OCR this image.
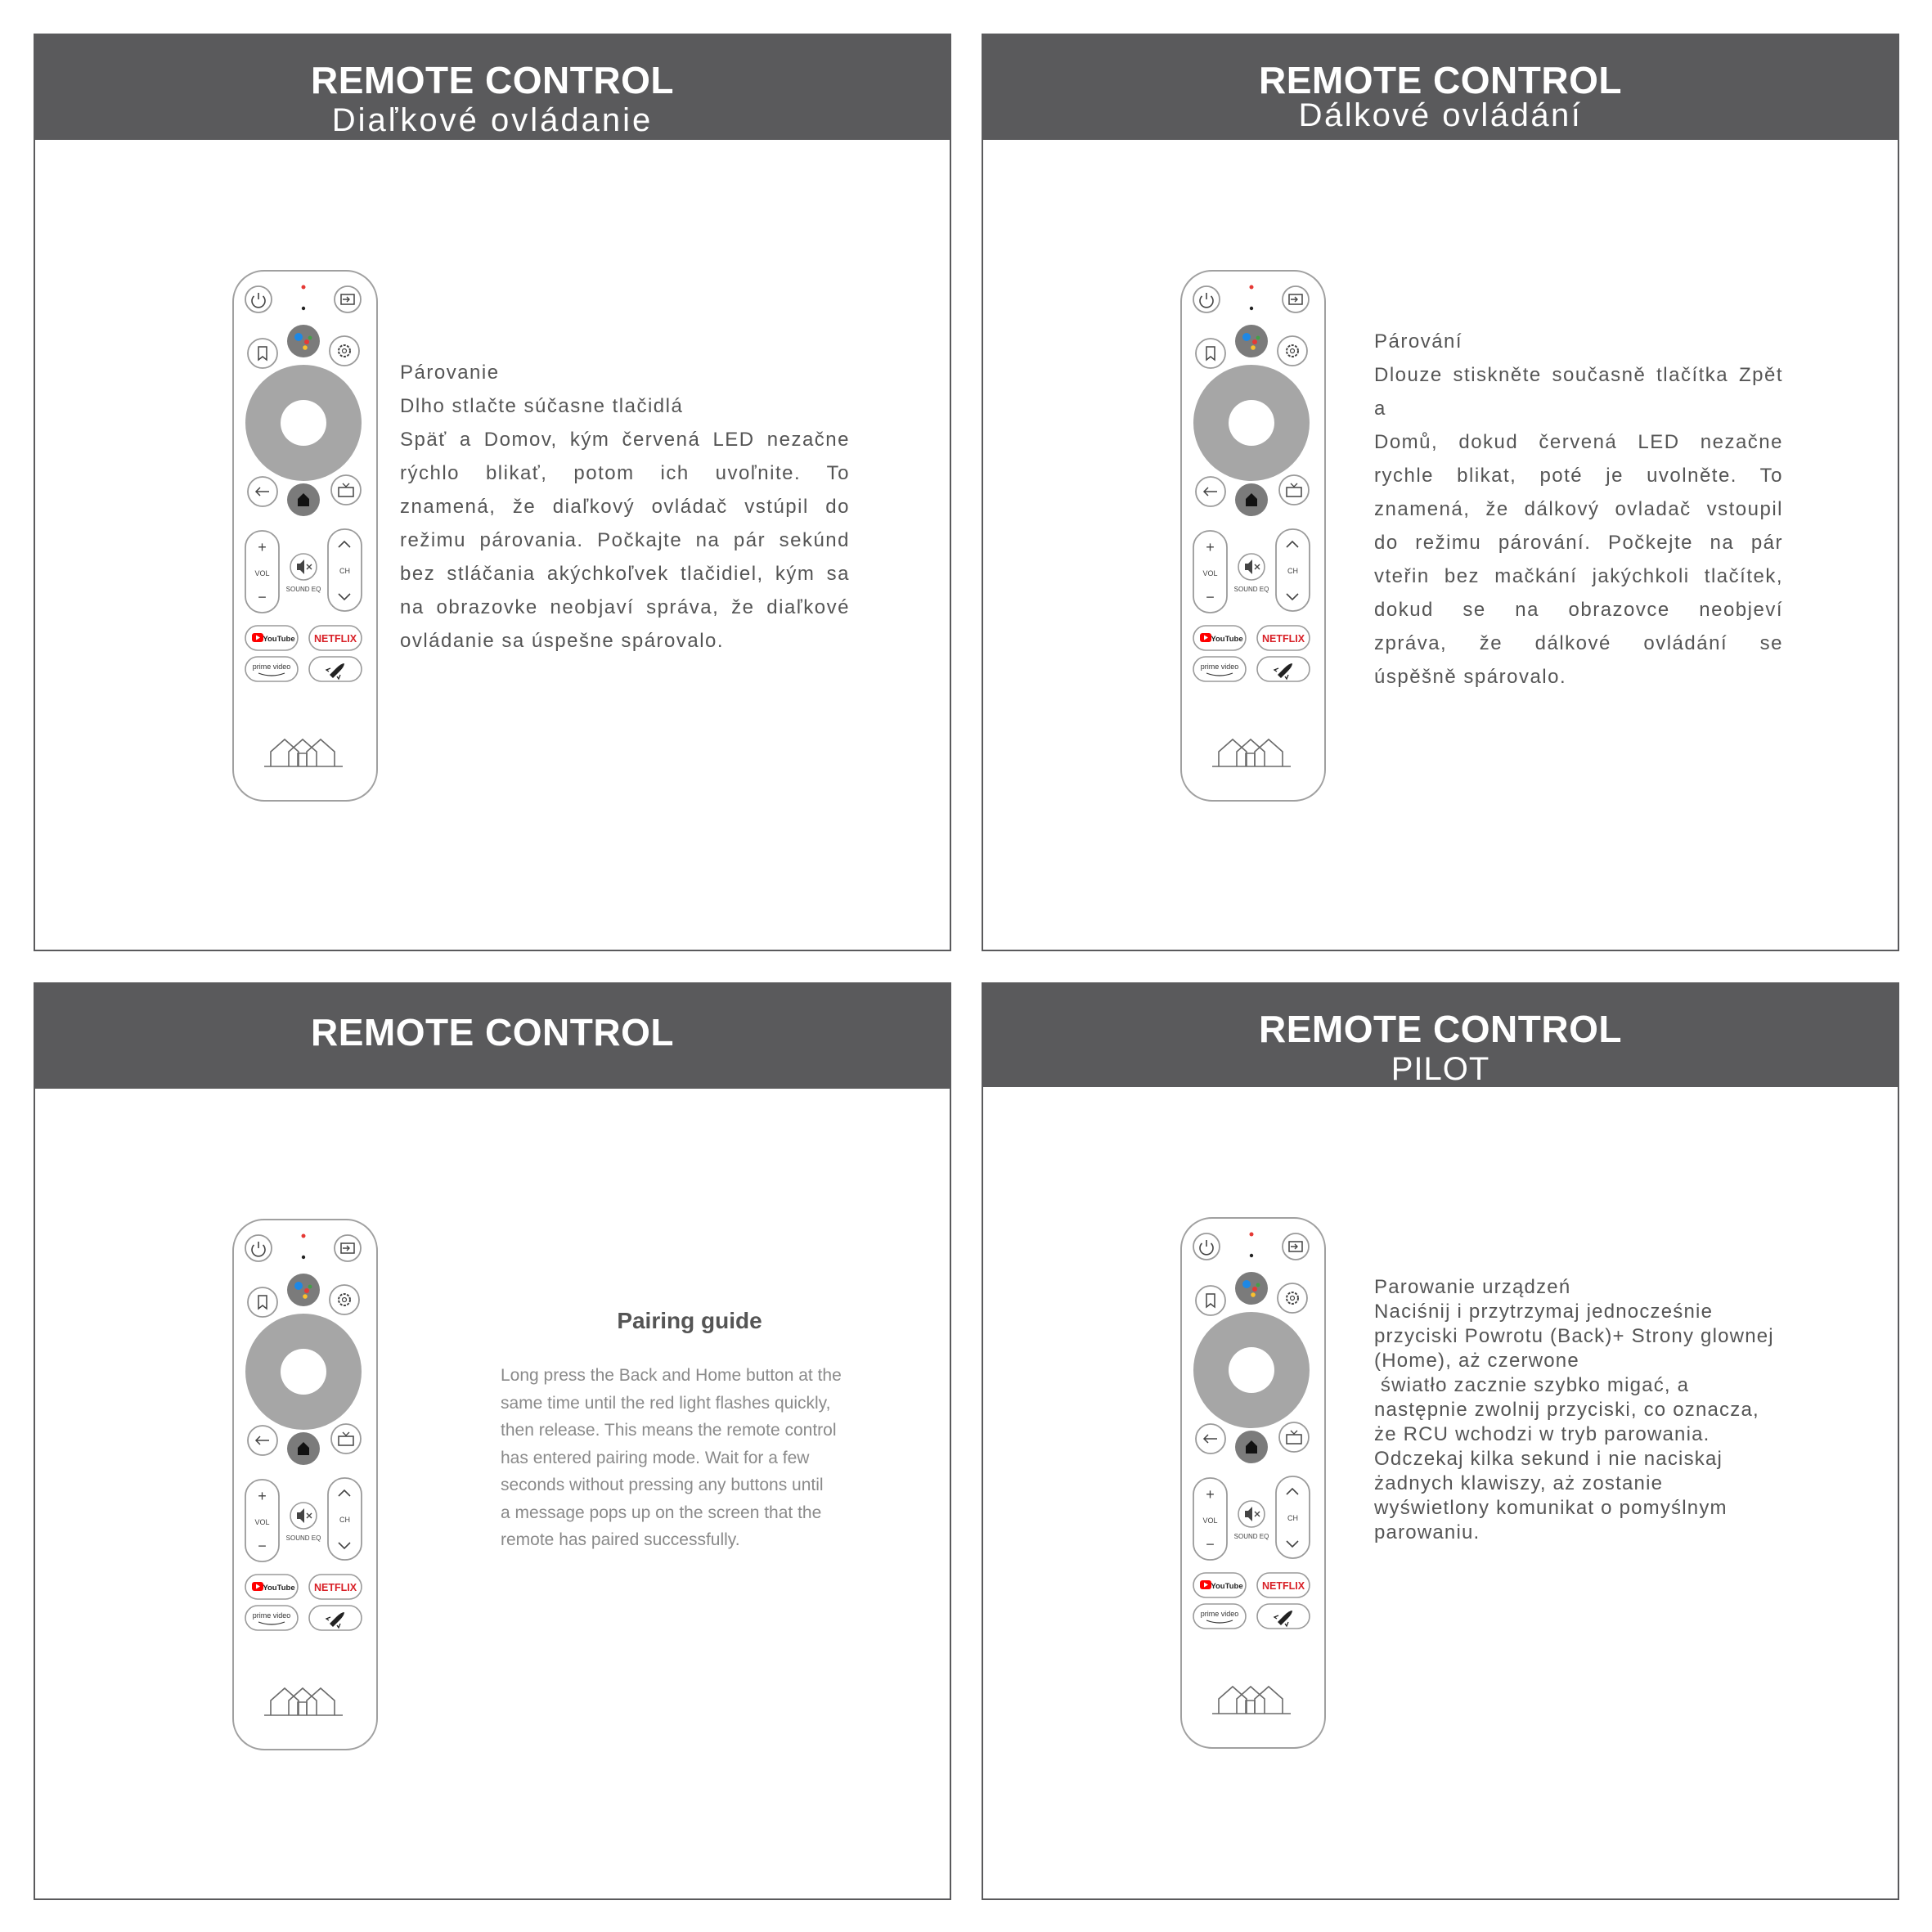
REMOTE CONTROL
Diaľkové ovládanie
+
VOL
−	SOUND EQ
CH
YouTube NETFLIX
prime video
Párovanie
Dlho stlačte súčasne tlačidlá
Späť a Domov, kým červená LED nezačne
rýchlo blikať, potom ich uvoľnite. To
znamená, že diaľkový ovládač vstúpil do
režimu párovania. Počkajte na pár sekúnd
bez stláčania akýchkoľvek tlačidiel, kým sa
na obrazovke neobjaví správa, že diaľkové
ovládanie sa úspešne spárovalo.
REMOTE CONTROL
Dálkové ovládání
+
VOL
−	SOUND EQ
CH
YouTube NETFLIX
prime video
Párování
Dlouze stiskněte současně tlačítka Zpět a
Domů, dokud červená LED nezačne
rychle blikat, poté je uvolněte. To
znamená, že dálkový ovladač vstoupil
do režimu párování. Počkejte na pár
vteřin bez mačkání jakýchkoli tlačítek,
dokud se na obrazovce neobjeví
zpráva, že dálkové ovládání se
úspěšně spárovalo.
REMOTE CONTROL
+
VOL
−	SOUND EQ
CH
YouTube NETFLIX
prime video
Pairing guide
Long press the Back and Home button at the
same time until the red light flashes quickly,
then release. This means the remote control
has entered pairing mode. Wait for a few
seconds without pressing any buttons until
a message pops up on the screen that the
remote has paired successfully.
REMOTE CONTROL
PILOT
+
VOL
−	SOUND EQ
CH
YouTube NETFLIX
prime video
Parowanie urządzeń
Naciśnij i przytrzymaj jednocześnie
przyciski Powrotu (Back)+ Strony glownej
(Home), aż czerwone
światło zacznie szybko migać, a
następnie zwolnij przyciski, co oznacza,
że RCU wchodzi w tryb parowania.
Odczekaj kilka sekund i nie naciskaj
żadnych klawiszy, aż zostanie
wyświetlony komunikat o pomyślnym
parowaniu.
